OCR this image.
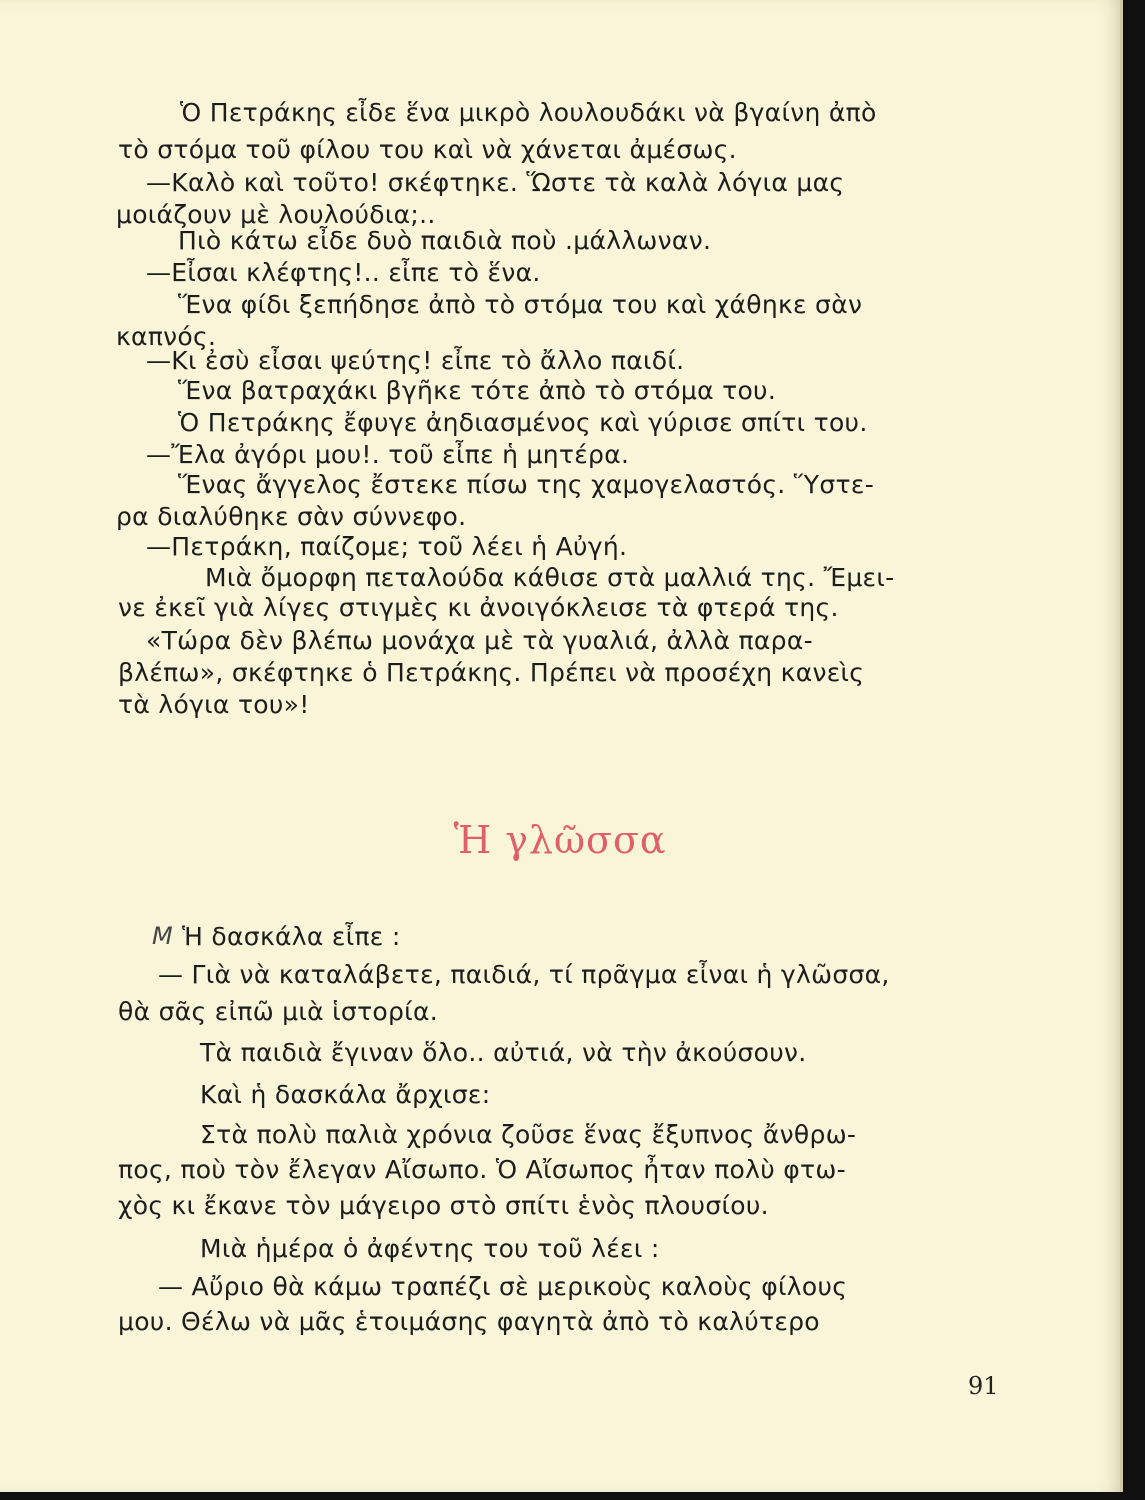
Ὁ Πετράκης εἶδε ἕνα μικρὸ λουλουδάκι νὰ βγαίνη ἀπὸ
τὸ στόμα τοῦ φίλου του καὶ νὰ χάνεται ἀμέσως.
—Καλὸ καὶ τοῦτο! σκέφτηκε. Ὥστε τὰ καλὰ λόγια μας
μοιάζουν μὲ λουλούδια;..
Πιὸ κάτω εἶδε δυὸ παιδιὰ ποὺ .μάλλωναν.
—Εἶσαι κλέφτης!.. εἶπε τὸ ἕνα.
Ἕνα φίδι ξεπήδησε ἀπὸ τὸ στόμα του καὶ χάθηκε σὰν
καπνός.
—Κι ἐσὺ εἶσαι ψεύτης! εἶπε τὸ ἄλλο παιδί.
Ἕνα βατραχάκι βγῆκε τότε ἀπὸ τὸ στόμα του.
Ὁ Πετράκης ἔφυγε ἀηδιασμένος καὶ γύρισε σπίτι του.
—Ἔλα ἀγόρι μου!. τοῦ εἶπε ἡ μητέρα.
Ἕνας ἄγγελος ἔστεκε πίσω της χαμογελαστός. Ὕστε-
ρα διαλύθηκε σὰν σύννεφο.
—Πετράκη, παίζομε; τοῦ λέει ἡ Αὐγή.
Μιὰ ὄμορφη πεταλούδα κάθισε στὰ μαλλιά της. Ἔμει-
νε ἐκεῖ γιὰ λίγες στιγμὲς κι ἀνοιγόκλεισε τὰ φτερά της.
«Τώρα δὲν βλέπω μονάχα μὲ τὰ γυαλιά, ἀλλὰ παρα-
βλέπω», σκέφτηκε ὁ Πετράκης. Πρέπει νὰ προσέχη κανεὶς
τὰ λόγια του»!
Ἡ γλῶσσα
M Ἡ δασκάλα εἶπε :
— Γιὰ νὰ καταλάβετε, παιδιά, τί πρᾶγμα εἶναι ἡ γλῶσσα,
θὰ σᾶς εἰπῶ μιὰ ἱστορία.
Τὰ παιδιὰ ἔγιναν ὅλο.. αὐτιά, νὰ τὴν ἀκούσουν.
Καὶ ἡ δασκάλα ἄρχισε:
Στὰ πολὺ παλιὰ χρόνια ζοῦσε ἕνας ἔξυπνος ἄνθρω-
πος, ποὺ τὸν ἔλεγαν Αἴσωπο. Ὁ Αἴσωπος ἦταν πολὺ φτω-
χὸς κι ἔκανε τὸν μάγειρο στὸ σπίτι ἑνὸς πλουσίου.
Μιὰ ἡμέρα ὁ ἀφέντης του τοῦ λέει :
— Αὔριο θὰ κάμω τραπέζι σὲ μερικοὺς καλοὺς φίλους
μου. Θέλω νὰ μᾶς ἑτοιμάσης φαγητὰ ἀπὸ τὸ καλύτερο
91
